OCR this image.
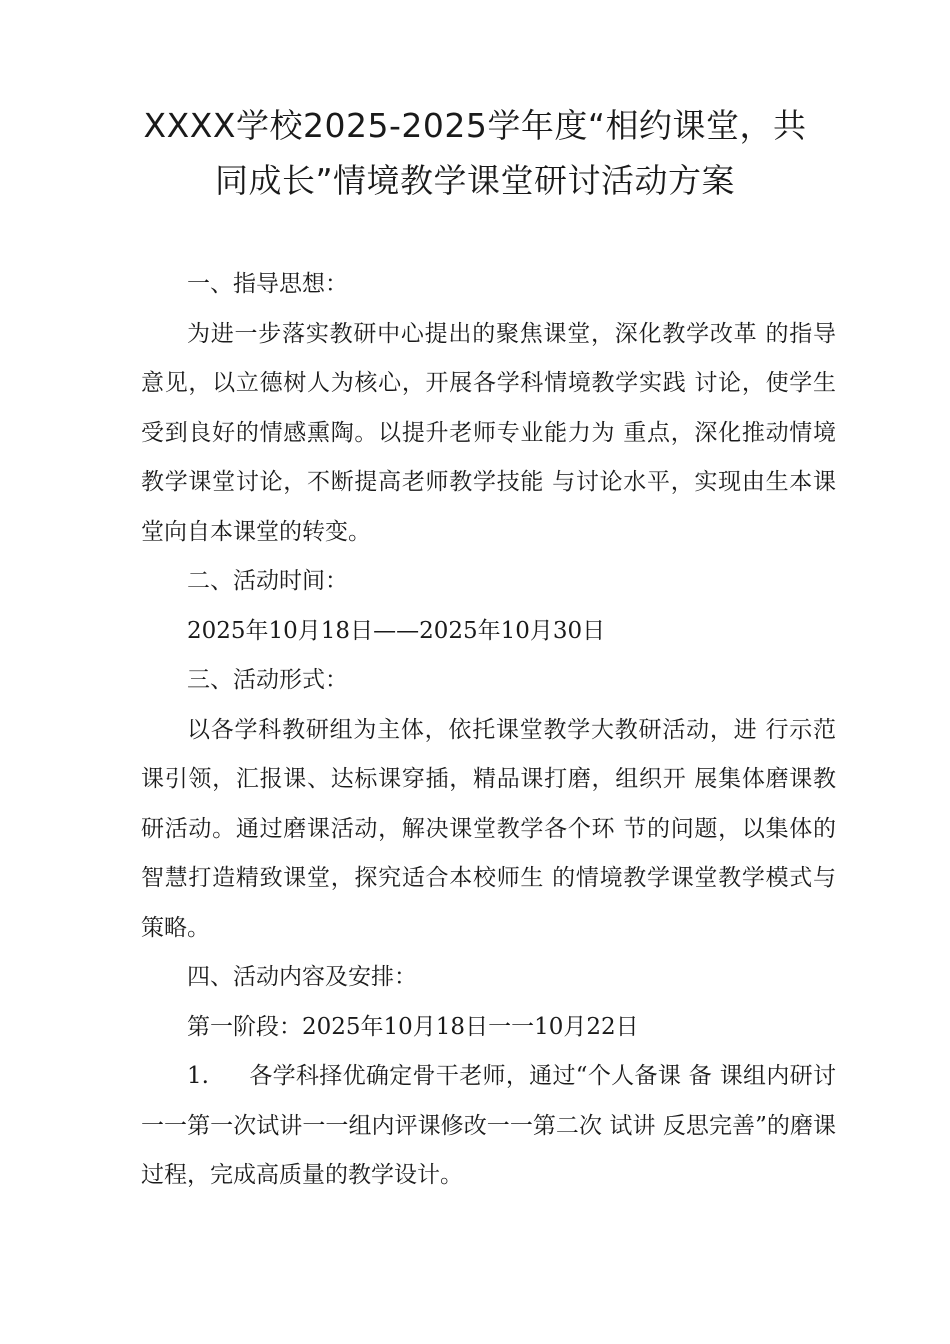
XXXX学校2025-2025学年度“相约课堂，共
同成长”情境教学课堂研讨活动方案

一、指导思想：

为进一步落实教研中心提出的聚焦课堂，深化教学改革 的指导意见，以立德树人为核心，开展各学科情境教学实践 讨论，使学生受到良好的情感熏陶。以提升老师专业能力为 重点，深化推动情境教学课堂讨论，不断提高老师教学技能 与讨论水平，实现由生本课堂向自本课堂的转变。

二、活动时间：

2025年10月18日——2025年10月30日

三、活动形式：

以各学科教研组为主体，依托课堂教学大教研活动，进 行示范课引领，汇报课、达标课穿插，精品课打磨，组织开 展集体磨课教研活动。通过磨课活动，解决课堂教学各个环 节的问题，以集体的智慧打造精致课堂，探究适合本校师生 的情境教学课堂教学模式与策略。

四、活动内容及安排：

第一阶段：2025年10月18日一一10月22日

1. 各学科择优确定骨干老师，通过“个人备课 备 课组内研讨一一第一次试讲一一组内评课修改一一第二次 试讲 反思完善”的磨课过程，完成高质量的教学设计。
